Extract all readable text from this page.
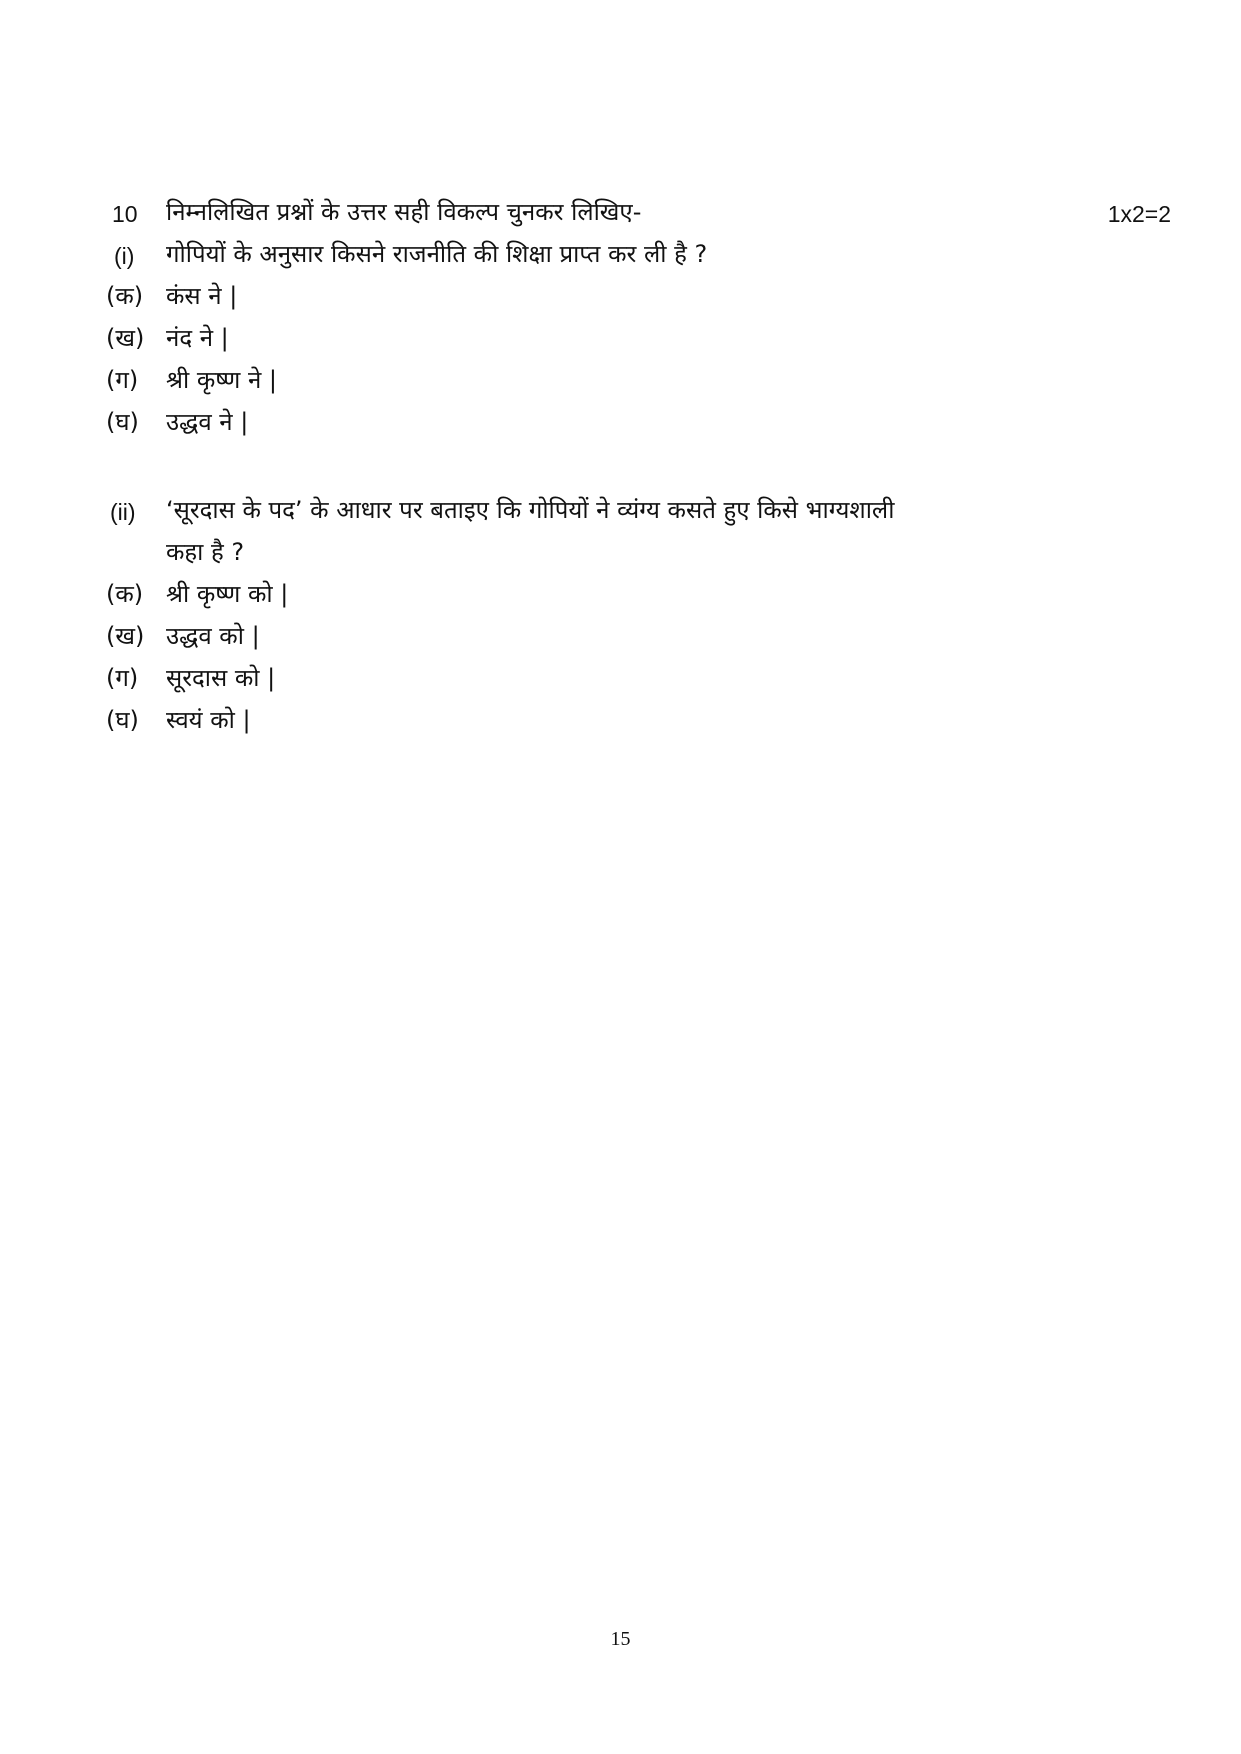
10 निम्नलिखित प्रश्नों के उत्तर सही विकल्प चुनकर लिखिए-	1x2=2
(i) गोपियों के अनुसार किसने राजनीति की शिक्षा प्राप्त कर ली है ?
(क) कंस ने |
(ख) नंद ने |
(ग) श्री कृष्ण ने |
(घ) उद्धव ने |
(ii) ‘सूरदास के पद’ के आधार पर बताइए कि गोपियों ने व्यंग्य कसते हुए किसे भाग्यशाली
कहा है ?
(क) श्री कृष्ण को |
(ख) उद्धव को |
(ग) सूरदास को |
(घ) स्वयं को |
15
